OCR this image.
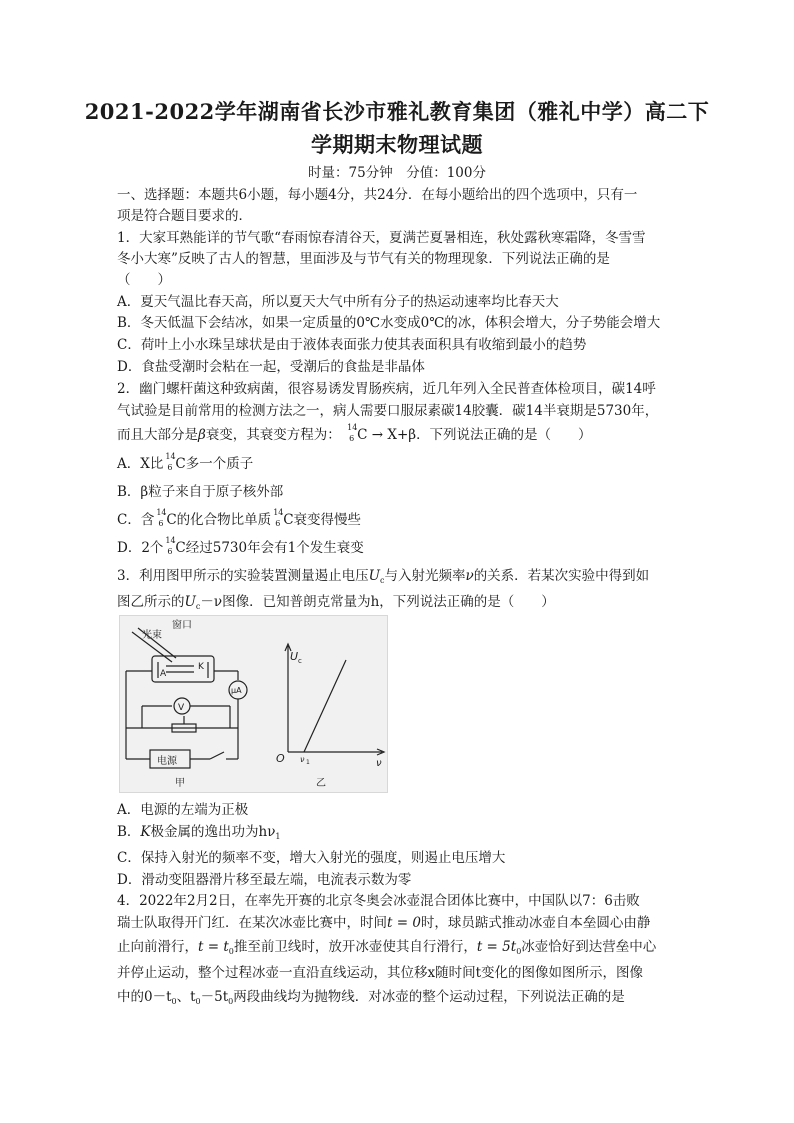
2021-2022学年湖南省长沙市雅礼教育集团（雅礼中学）高二下
学期期末物理试题
时量：75分钟　分值：100分
一、选择题：本题共6小题，每小题4分，共24分．在每小题给出的四个选项中，只有一
项是符合题目要求的．
1．大家耳熟能详的节气歌“春雨惊春清谷天，夏满芒夏暑相连，秋处露秋寒霜降，冬雪雪
冬小大寒”反映了古人的智慧，里面涉及与节气有关的物理现象．下列说法正确的是
（　　）
A．夏天气温比春天高，所以夏天大气中所有分子的热运动速率均比春天大
B．冬天低温下会结冰，如果一定质量的0℃水变成0℃的冰，体积会增大，分子势能会增大
C．荷叶上小水珠呈球状是由于液体表面张力使其表面积具有收缩到最小的趋势
D．食盐受潮时会粘在一起，受潮后的食盐是非晶体
2．幽门螺杆菌这种致病菌，很容易诱发胃肠疾病，近几年列入全民普查体检项目，碳14呼
气试验是目前常用的检测方法之一，病人需要口服尿素碳14胶囊．碳14半衰期是5730年，
而且大部分是β衰变，其衰变方程为： 14
6 C → X+β．下列说法正确的是（　　）
A．X比 14
6 C多一个质子
B．β粒子来自于原子核外部
C．含 14
6 C的化合物比单质 14
6 C衰变得慢些
D．2个 14
6 C经过5730年会有1个发生衰变
3．利用图甲所示的实验装置测量遏止电压$U_c$与入射光频率ν的关系．若某次实验中得到如
图乙所示的$U_c-\nu$图像．已知普朗克常量为h，下列说法正确的是（　　）
光束
窗口
A
K
μA
V
电源
甲
U c
ν
O ν 1
乙
A．电源的左端为正极
B．K极金属的逸出功为$h\nu_1$
C．保持入射光的频率不变，增大入射光的强度，则遏止电压增大
D．滑动变阻器滑片移至最左端，电流表示数为零
4．2022年2月2日，在率先开赛的北京冬奥会冰壶混合团体比赛中，中国队以7：6击败
瑞士队取得开门红．在某次冰壶比赛中，时间t = 0时，球员踮式推动冰壶自本垒圆心由静
止向前滑行，$t = t_0$推至前卫线时，放开冰壶使其自行滑行，$t = 5t_0$冰壶恰好到达营垒中心
并停止运动，整个过程冰壶一直沿直线运动，其位移x随时间t变化的图像如图所示，图像
中的$0-t_0$、$t_0-5t_0$两段曲线均为抛物线．对冰壶的整个运动过程，下列说法正确的是
